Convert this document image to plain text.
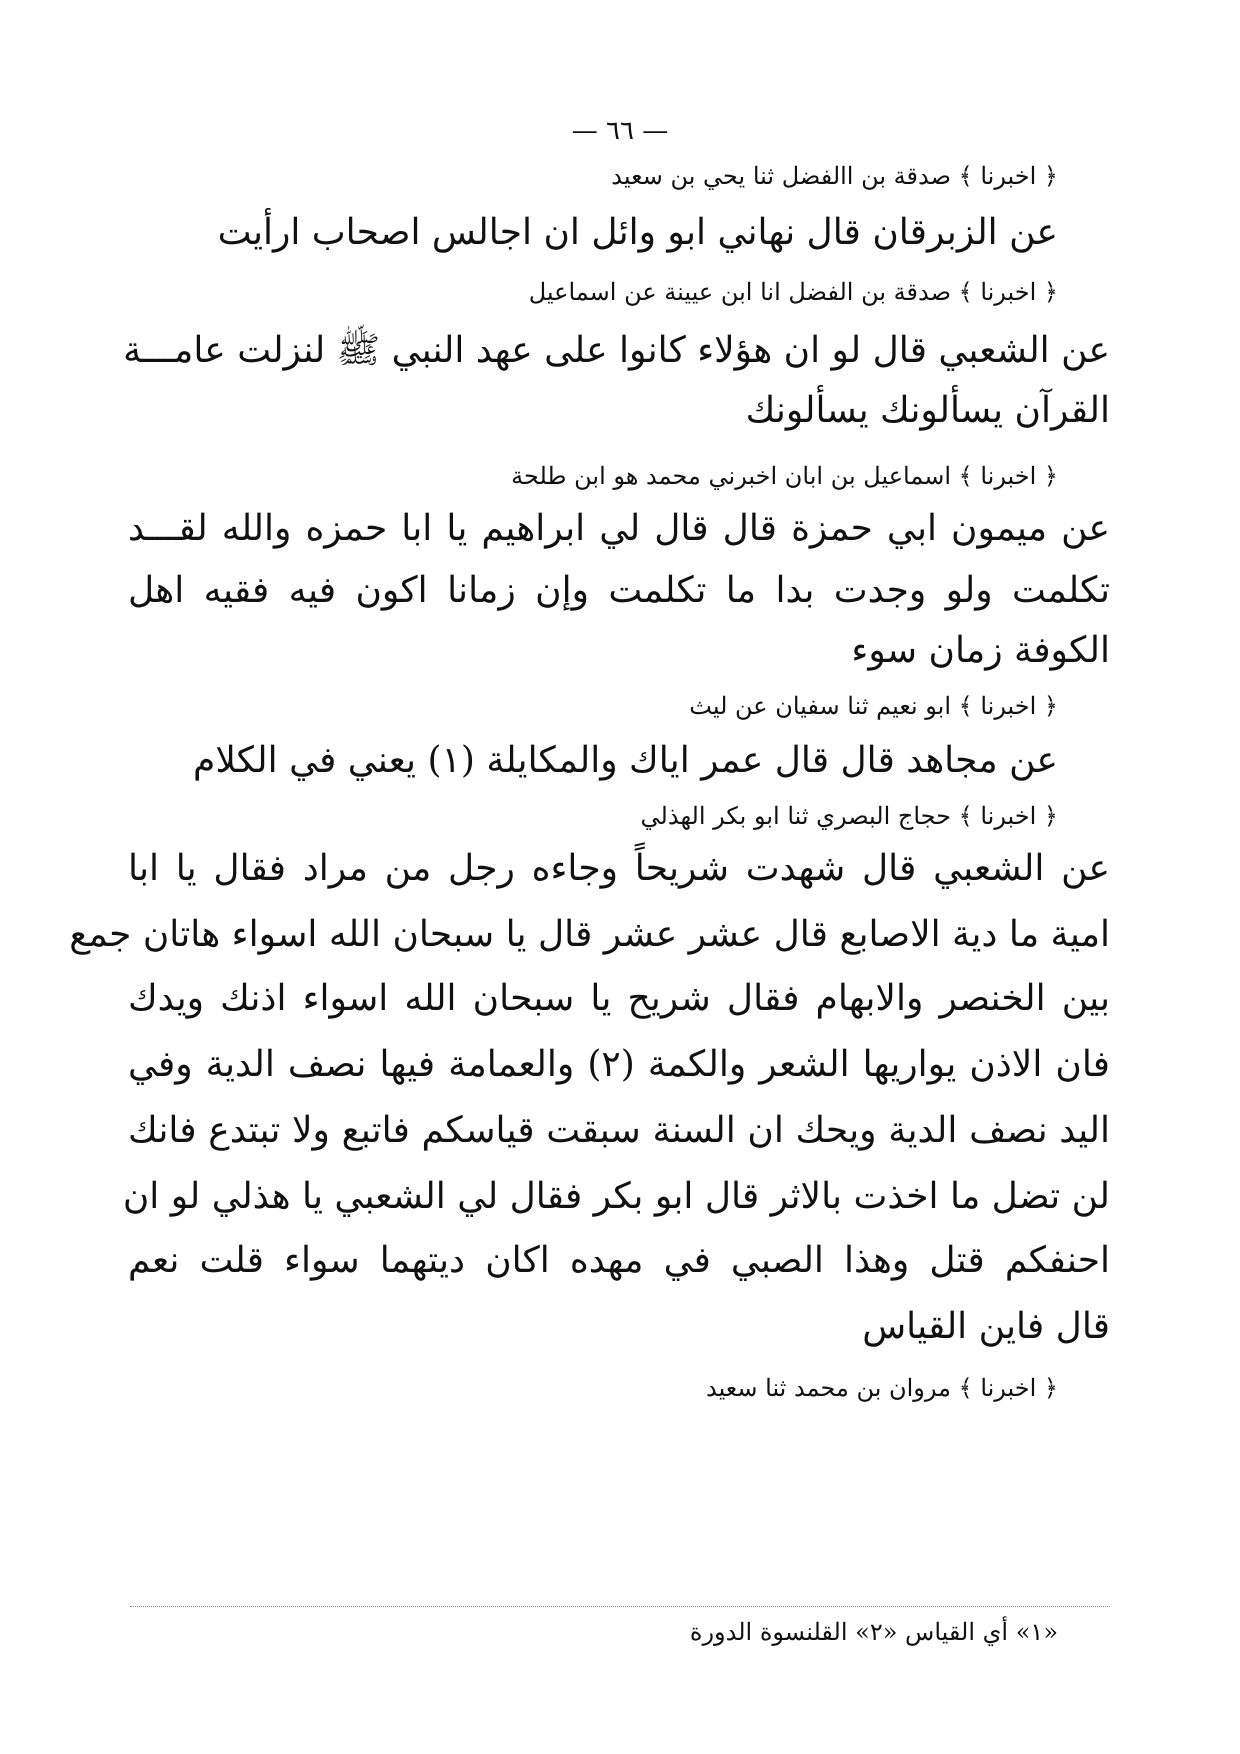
— ٦٦ —
﴿ اخبرنا ﴾ صدقة بن االفضل ثنا يحي بن سعيد
عن الزبرقان قال نهاني ابو وائل ان اجالس اصحاب ارأيت
﴿ اخبرنا ﴾ صدقة بن الفضل انا ابن عيينة عن اسماعيل
عن الشعبي قال لو ان هؤلاء كانوا على عهد النبي ﷺ لنزلت عامـــة
القرآن يسألونك يسألونك
﴿ اخبرنا ﴾ اسماعيل بن ابان اخبرني محمد هو ابن طلحة
عن ميمون ابي حمزة قال قال لي ابراهيم يا ابا حمزه والله لقـــد
تكلمت ولو وجدت بدا ما تكلمت وإن زمانا اكون فيه فقيه اهل
الكوفة زمان سوء
﴿ اخبرنا ﴾ ابو نعيم ثنا سفيان عن ليث
عن مجاهد قال قال عمر اياك والمكايلة (١) يعني في الكلام
﴿ اخبرنا ﴾ حجاج البصري ثنا ابو بكر الهذلي
عن الشعبي قال شهدت شريحاً وجاءه رجل من مراد فقال يا ابا
امية ما دية الاصابع قال عشر عشر قال يا سبحان الله اسواء هاتان جمع
بين الخنصر والابهام فقال شريح يا سبحان الله اسواء اذنك ويدك
فان الاذن يواريها الشعر والكمة (٢) والعمامة فيها نصف الدية وفي
اليد نصف الدية ويحك ان السنة سبقت قياسكم فاتبع ولا تبتدع فانك
لن تضل ما اخذت بالاثر قال ابو بكر فقال لي الشعبي يا هذلي لو ان
احنفكم قتل وهذا الصبي في مهده اكان ديتهما سواء قلت نعم
قال فاين القياس
﴿ اخبرنا ﴾ مروان بن محمد ثنا سعيد
«١» أي القياس «٢» القلنسوة الدورة
